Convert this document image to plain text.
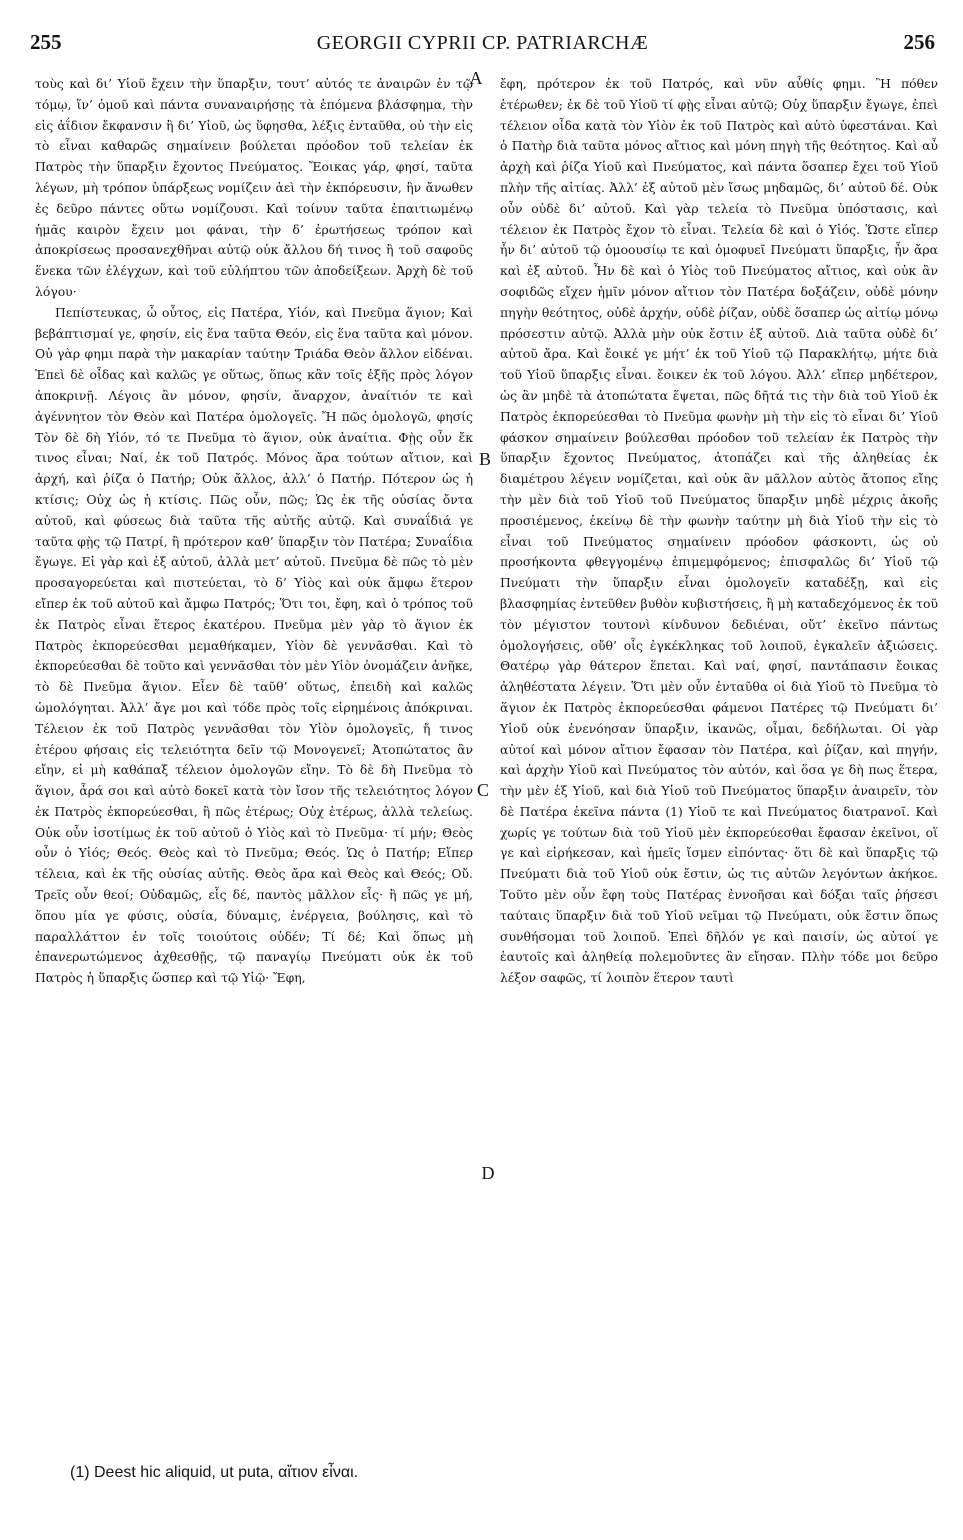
255	GEORGII CYPRII CP. PATRIARCHÆ	256

τοὺς καὶ δι’ Υἱοῦ ἔχειν τὴν ὕπαρξιν, τουτ’ αὐτός τε ἀναιρῶν ἐν τῷ τόμῳ, ἵν’ ὁμοῦ καὶ πάντα συναναιρήσῃς τὰ ἑπόμενα βλάσφημα, τὴν εἰς ἀΐδιον ἔκφανσιν ἢ δι’ Υἱοῦ, ὡς ὕφησθα, λέξις ἐνταῦθα, οὐ τὴν εἰς τὸ εἶναι καθαρῶς σημαίνειν βούλεται πρόοδον τοῦ τελείαν ἐκ Πατρὸς τὴν ὕπαρξιν ἔχοντος Πνεύματος. Ἔοικας γάρ, φησί, ταῦτα λέγων, μὴ τρόπον ὑπάρξεως νομίζειν ἀεὶ τὴν ἐκπόρευσιν, ἣν ἄνωθεν ἐς δεῦρο πάντες οὕτω νομίζουσι. Καὶ τοίνυν ταῦτα ἐπαιτιωμένῳ ἡμᾶς καιρὸν ἔχειν μοι φάναι, τὴν δ’ ἐρωτήσεως τρόπον καὶ ἀποκρίσεως προσανεχθῆναι αὐτῷ οὐκ ἄλλου δή τινος ἢ τοῦ σαφοῦς ἕνεκα τῶν ἐλέγχων, καὶ τοῦ εὐλήπτου τῶν ἀποδείξεων. Ἀρχὴ δὲ τοῦ λόγου·

Πεπίστευκας, ὦ οὗτος, εἰς Πατέρα, Υἱόν, καὶ Πνεῦμα ἅγιον; Καὶ βεβάπτισμαί γε, φησίν, εἰς ἕνα ταῦτα Θεόν, εἰς ἕνα ταῦτα καὶ μόνον. Οὐ γὰρ φημι παρὰ τὴν μακαρίαν ταύτην Τριάδα Θεὸν ἄλλον εἰδέναι. Ἐπεὶ δὲ οἶδας καὶ καλῶς γε οὕτως, ὅπως κἂν τοῖς ἑξῆς πρὸς λόγον ἀποκρινῇ. Λέγοις ἂν μόνον, φησίν, ἄναρχον, ἀναίτιόν τε καὶ ἀγέννητον τὸν Θεὸν καὶ Πατέρα ὁμολογεῖς. Ἤ πῶς ὁμολογῶ, φησίς Τὸν δὲ δὴ Υἱόν, τό τε Πνεῦμα τὸ ἅγιον, οὐκ ἀναίτια. Φῂς οὖν ἔκ τινος εἶναι; Ναί, ἐκ τοῦ Πατρός. Μόνος ἄρα τούτων αἴτιον, καὶ ἀρχή, καὶ ῥίζα ὁ Πατήρ; Οὐκ ἄλλος, ἀλλ’ ὁ Πατήρ. Πότερον ὡς ἡ κτίσις; Οὐχ ὡς ἡ κτίσις. Πῶς οὖν, πῶς; Ὡς ἐκ τῆς οὐσίας ὄντα αὐτοῦ, καὶ φύσεως διὰ ταῦτα τῆς αὐτῆς αὐτῷ. Καὶ συναΐδιά γε ταῦτα φῂς τῷ Πατρί, ἢ πρότερον καθ’ ὕπαρξιν τὸν Πατέρα; Συναΐδια ἔγωγε. Εἰ γὰρ καὶ ἐξ αὐτοῦ, ἀλλὰ μετ’ αὐτοῦ. Πνεῦμα δὲ πῶς τὸ μὲν προσαγορεύεται καὶ πιστεύεται, τὸ δ’ Υἱὸς καὶ οὐκ ἄμφω ἕτερον εἴπερ ἐκ τοῦ αὐτοῦ καὶ ἄμφω Πατρός; Ὅτι τοι, ἔφη, καὶ ὁ τρόπος τοῦ ἐκ Πατρὸς εἶναι ἕτερος ἑκατέρου. Πνεῦμα μὲν γὰρ τὸ ἅγιον ἐκ Πατρὸς ἐκπορεύεσθαι μεμαθήκαμεν, Υἱὸν δὲ γεννᾶσθαι. Καὶ τὸ ἐκπορεύεσθαι δὲ τοῦτο καὶ γεννᾶσθαι τὸν μὲν Υἱὸν ὀνομάζειν ἀνῆκε, τὸ δὲ Πνεῦμα ἅγιον. Εἶεν δὲ ταῦθ’ οὕτως, ἐπειδὴ καὶ καλῶς ὡμολόγηται. Ἀλλ’ ἄγε μοι καὶ τόδε πρὸς τοῖς εἰρημένοις ἀπόκριναι. Τέλειον ἐκ τοῦ Πατρὸς γεννᾶσθαι τὸν Υἱὸν ὁμολογεῖς, ἤ τινος ἑτέρου φήσαις εἰς τελειότητα δεῖν τῷ Μονογενεῖ; Ἀτοπώτατος ἂν εἴην, εἰ μὴ καθάπαξ τέλειον ὁμολογῶν εἴην. Τὸ δὲ δὴ Πνεῦμα τὸ ἅγιον, ἆρά σοι καὶ αὐτὸ δοκεῖ κατὰ τὸν ἴσον τῆς τελειότητος λόγον ἐκ Πατρὸς ἐκπορεύεσθαι, ἢ πῶς ἑτέρως; Οὐχ ἑτέρως, ἀλλὰ τελείως. Οὐκ οὖν ἰσοτίμως ἐκ τοῦ αὐτοῦ ὁ Υἱὸς καὶ τὸ Πνεῦμα· τί μήν; Θεὸς οὖν ὁ Υἱός; Θεός. Θεὸς καὶ τὸ Πνεῦμα; Θεός. Ὡς ὁ Πατήρ; Εἴπερ τέλεια, καὶ ἐκ τῆς οὐσίας αὐτῆς. Θεὸς ἄρα καὶ Θεὸς καὶ Θεός; Οὔ. Τρεῖς οὖν θεοί; Οὐδαμῶς, εἷς δέ, παντὸς μᾶλλον εἷς· ἢ πῶς γε μή, ὅπου μία γε φύσις, οὐσία, δύναμις, ἐνέργεια, βούλησις, καὶ τὸ παραλλάττον ἐν τοῖς τοιούτοις οὐδέν; Τί δέ; Καὶ ὅπως μὴ ἐπανερωτώμενος ἀχθεσθῇς, τῷ παναγίῳ Πνεύματι οὐκ ἐκ τοῦ Πατρὸς ἡ ὕπαρξις ὥσπερ καὶ τῷ Υἱῷ· Ἔφη,

ἔφη, πρότερον ἐκ τοῦ Πατρός, καὶ νῦν αὖθίς φημι. Ἢ πόθεν ἑτέρωθεν; ἐκ δὲ τοῦ Υἱοῦ τί φῂς εἶναι αὐτῷ; Οὐχ ὕπαρξιν ἔγωγε, ἐπεὶ τέλειον οἶδα κατὰ τὸν Υἱὸν ἐκ τοῦ Πατρὸς καὶ αὐτὸ ὑφεστάναι. Καὶ ὁ Πατὴρ διὰ ταῦτα μόνος αἴτιος καὶ μόνη πηγὴ τῆς θεότητος. Καὶ αὖ ἀρχὴ καὶ ῥίζα Υἱοῦ καὶ Πνεύματος, καὶ πάντα ὅσαπερ ἔχει τοῦ Υἱοῦ πλὴν τῆς αἰτίας. Ἀλλ’ ἐξ αὐτοῦ μὲν ἴσως μηδαμῶς, δι’ αὐτοῦ δέ. Οὐκ οὖν οὐδὲ δι’ αὐτοῦ. Καὶ γὰρ τελεία τὸ Πνεῦμα ὑπόστασις, καὶ τέλειον ἐκ Πατρὸς ἔχον τὸ εἶναι. Τελεία δὲ καὶ ὁ Υἱός. Ὥστε εἴπερ ἦν δι’ αὐτοῦ τῷ ὁμοουσίῳ τε καὶ ὁμοφυεῖ Πνεύματι ὕπαρξις, ἦν ἄρα καὶ ἐξ αὐτοῦ. Ἦν δὲ καὶ ὁ Υἱὸς τοῦ Πνεύματος αἴτιος, καὶ οὐκ ἂν σοφιδῶς εἴχεν ἡμῖν μόνον αἴτιον τὸν Πατέρα δοξάζειν, οὐδὲ μόνην πηγὴν θεότητος, οὐδὲ ἀρχήν, οὐδὲ ῥίζαν, οὐδὲ ὅσαπερ ὡς αἰτίῳ μόνῳ πρόσεστιν αὐτῷ. Ἀλλὰ μὴν οὐκ ἔστιν ἐξ αὐτοῦ. Διὰ ταῦτα οὐδὲ δι’ αὐτοῦ ἄρα. Καὶ ἔοικέ γε μήτ’ ἐκ τοῦ Υἱοῦ τῷ Παρακλήτῳ, μήτε διὰ τοῦ Υἱοῦ ὕπαρξις εἶναι. ἔοικεν ἐκ τοῦ λόγου. Ἀλλ’ εἴπερ μηδέτερον, ὡς ἂν μηδὲ τὰ ἀτοπώτατα ἕψεται, πῶς δῆτά τις τὴν διὰ τοῦ Υἱοῦ ἐκ Πατρὸς ἐκπορεύεσθαι τὸ Πνεῦμα φωνὴν μὴ τὴν εἰς τὸ εἶναι δι’ Υἱοῦ φάσκον σημαίνειν βούλεσθαι πρόοδον τοῦ τελείαν ἐκ Πατρὸς τὴν ὕπαρξιν ἔχοντος Πνεύματος, ἀτοπάζει καὶ τῆς ἀληθείας ἐκ διαμέτρου λέγειν νομίζεται, καὶ οὐκ ἂν μᾶλλον αὐτὸς ἄτοπος εἴης τὴν μὲν διὰ τοῦ Υἱοῦ τοῦ Πνεύματος ὕπαρξιν μηδὲ μέχρις ἀκοῆς προσιέμενος, ἐκείνῳ δὲ τὴν φωνὴν ταύτην μὴ διὰ Υἱοῦ τὴν εἰς τὸ εἶναι τοῦ Πνεύματος σημαίνειν πρόοδον φάσκοντι, ὡς οὐ προσήκοντα φθεγγομένῳ ἐπιμεμφόμενος; ἐπισφαλῶς δι’ Υἱοῦ τῷ Πνεύματι τὴν ὕπαρξιν εἶναι ὁμολογεῖν καταδέξῃ, καὶ εἰς βλασφημίας ἐντεῦθεν βυθὸν κυβιστήσεις, ἢ μὴ καταδεχόμενος ἐκ τοῦ τὸν μέγιστον τουτονὶ κίνδυνον δεδιέναι, οὔτ’ ἐκεῖνο πάντως ὁμολογήσεις, οὔθ’ οἷς ἐγκέκληκας τοῦ λοιποῦ, ἐγκαλεῖν ἀξιώσεις. Θατέρῳ γὰρ θάτερον ἕπεται. Καὶ ναί, φησί, παντάπασιν ἔοικας ἀληθέστατα λέγειν. Ὅτι μὲν οὖν ἐνταῦθα οἱ διὰ Υἱοῦ τὸ Πνεῦμα τὸ ἅγιον ἐκ Πατρὸς ἐκπορεύεσθαι φάμενοι Πατέρες τῷ Πνεύματι δι’ Υἱοῦ οὐκ ἐνενόησαν ὕπαρξιν, ἱκανῶς, οἶμαι, δεδήλωται. Οἱ γὰρ αὐτοί καὶ μόνον αἴτιον ἔφασαν τὸν Πατέρα, καὶ ῥίζαν, καὶ πηγήν, καὶ ἀρχὴν Υἱοῦ καὶ Πνεύματος τὸν αὐτόν, καὶ ὅσα γε δὴ πως ἕτερα, τὴν μὲν ἐξ Υἱοῦ, καὶ διὰ Υἱοῦ τοῦ Πνεύματος ὕπαρξιν ἀναιρεῖν, τὸν δὲ Πατέρα ἐκεῖνα πάντα (1) Υἱοῦ τε καὶ Πνεύματος διατρανοῖ. Καὶ χωρίς γε τούτων διὰ τοῦ Υἱοῦ μὲν ἐκπορεύεσθαι ἔφασαν ἐκεῖνοι, οἵ γε καὶ εἰρήκεσαν, καὶ ἡμεῖς ἴσμεν εἰπόντας· ὅτι δὲ καὶ ὕπαρξις τῷ Πνεύματι διὰ τοῦ Υἱοῦ οὐκ ἔστιν, ὡς τις αὐτῶν λεγόντων ἀκήκοε. Τοῦτο μὲν οὖν ἔφη τοὺς Πατέρας ἐννοῆσαι καὶ δόξαι ταῖς ῥήσεσι ταύταις ὕπαρξιν διὰ τοῦ Υἱοῦ νεῖμαι τῷ Πνεύματι, οὐκ ἔστιν ὅπως συνθήσομαι τοῦ λοιποῦ. Ἐπεὶ δῆλόν γε καὶ παισίν, ὡς αὐτοί γε ἑαυτοῖς καὶ ἀληθείᾳ πολεμοῦντες ἂν εἴησαν. Πλὴν τόδε μοι δεῦρο λέξον σαφῶς, τί λοιπὸν ἕτερον ταυτὶ

A
B
C
D
(1) Deest hic aliquid, ut puta, αἴτιον εἶναι.
